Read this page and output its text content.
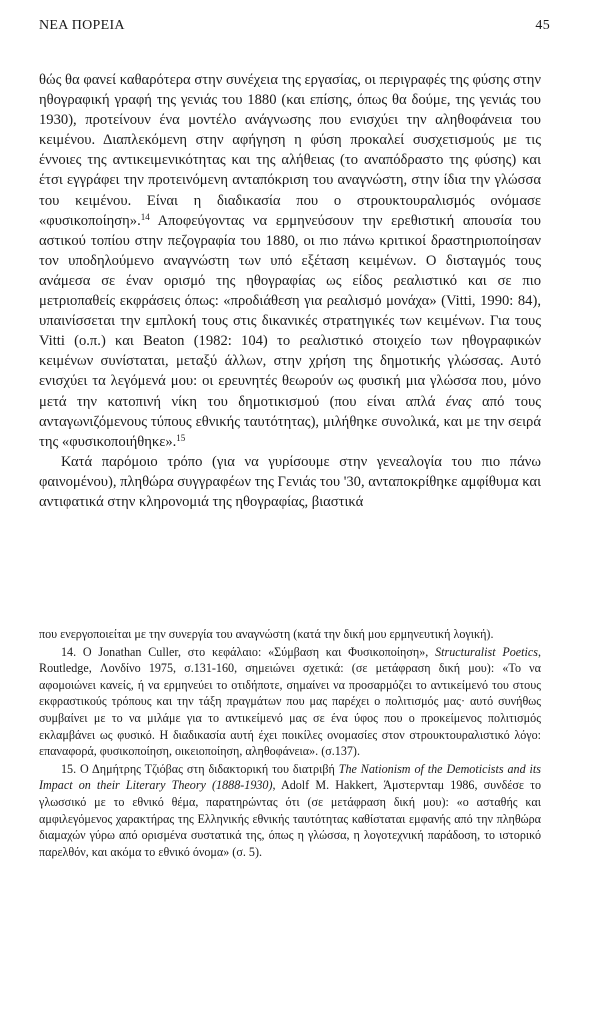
ΝΕΑ ΠΟΡΕΙΑ	45

θώς θα φανεί καθαρότερα στην συνέχεια της εργασίας, οι περιγραφές της φύσης στην ηθογραφική γραφή της γενιάς του 1880 (και επίσης, όπως θα δούμε, της γενιάς του 1930), προτείνουν ένα μοντέλο ανάγνωσης που ενισχύει την αληθοφάνεια του κειμένου. Διαπλεκόμενη στην αφήγηση η φύση προκαλεί συσχετισμούς με τις έννοιες της αντικειμενικότητας και της αλήθειας (το αναπόδραστο της φύσης) και έτσι εγγράφει την προτεινόμενη ανταπόκριση του αναγνώστη, στην ίδια την γλώσσα του κειμένου. Είναι η διαδικασία που ο στρουκτουραλισμός ονόμασε «φυσικοποίηση».$^{14}$ Αποφεύγοντας να ερμηνεύσουν την ερεθιστική απουσία του αστικού τοπίου στην πεζογραφία του 1880, οι πιο πάνω κριτικοί δραστηριοποίησαν τον υποδηλούμενο αναγνώστη των υπό εξέταση κειμένων. Ο δισταγμός τους ανάμεσα σε έναν ορισμό της ηθογραφίας ως είδος ρεαλιστικό και σε πιο μετριοπαθείς εκφράσεις όπως: «προδιάθεση για ρεαλισμό μονάχα» (Vitti, 1990: 84), υπαινίσσεται την εμπλοκή τους στις δικανικές στρατηγικές των κειμένων. Για τους Vitti (ο.π.) και Beaton (1982: 104) το ρεαλιστικό στοιχείο των ηθογραφικών κειμένων συνίσταται, μεταξύ άλλων, στην χρήση της δημοτικής γλώσσας. Αυτό ενισχύει τα λεγόμενά μου: οι ερευνητές θεωρούν ως φυσική μια γλώσσα που, μόνο μετά την κατοπινή νίκη του δημοτικισμού (που είναι απλά ένας από τους ανταγωνιζόμενους τύπους εθνικής ταυτότητας), μιλήθηκε συνολικά, και με την σειρά της «φυσικοποιήθηκε».$^{15}$

Κατά παρόμοιο τρόπο (για να γυρίσουμε στην γενεαλογία του πιο πάνω φαινομένου), πληθώρα συγγραφέων της Γενιάς του '30, ανταποκρίθηκε αμφίθυμα και αντιφατικά στην κληρονομιά της ηθογραφίας, βιαστικά

που ενεργοποιείται με την συνεργία του αναγνώστη (κατά την δική μου ερμηνευτική λογική).

14. Ο Jonathan Culler, στο κεφάλαιο: «Σύμβαση και Φυσικοποίηση», Structuralist Poetics, Routledge, Λονδίνο 1975, σ.131-160, σημειώνει σχετικά: (σε μετάφραση δική μου): «Το να αφομοιώνει κανείς, ή να ερμηνεύει το οτιδήποτε, σημαίνει να προσαρμόζει το αντικείμενό του στους εκφραστικούς τρόπους και την τάξη πραγμάτων που μας παρέχει ο πολιτισμός μας· αυτό συνήθως συμβαίνει με το να μιλάμε για το αντικείμενό μας σε ένα ύφος που ο προκείμενος πολιτισμός εκλαμβάνει ως φυσικό. Η διαδικασία αυτή έχει ποικίλες ονομασίες στον στρουκτουραλιστικό λόγο: επαναφορά, φυσικοποίηση, οικειοποίηση, αληθοφάνεια». (σ.137).

15. Ο Δημήτρης Τζιόβας στη διδακτορική του διατριβή The Nationism of the Demoticists and its Impact on their Literary Theory (1888-1930), Adolf M. Hakkert, Άμστερνταμ 1986, συνδέσε το γλωσσικό με το εθνικό θέμα, παρατηρώντας ότι (σε μετάφραση δική μου): «ο ασταθής και αμφιλεγόμενος χαρακτήρας της Ελληνικής εθνικής ταυτότητας καθίσταται εμφανής από την πληθώρα διαμαχών γύρω από ορισμένα συστατικά της, όπως η γλώσσα, η λογοτεχνική παράδοση, το ιστορικό παρελθόν, και ακόμα το εθνικό όνομα» (σ. 5).
